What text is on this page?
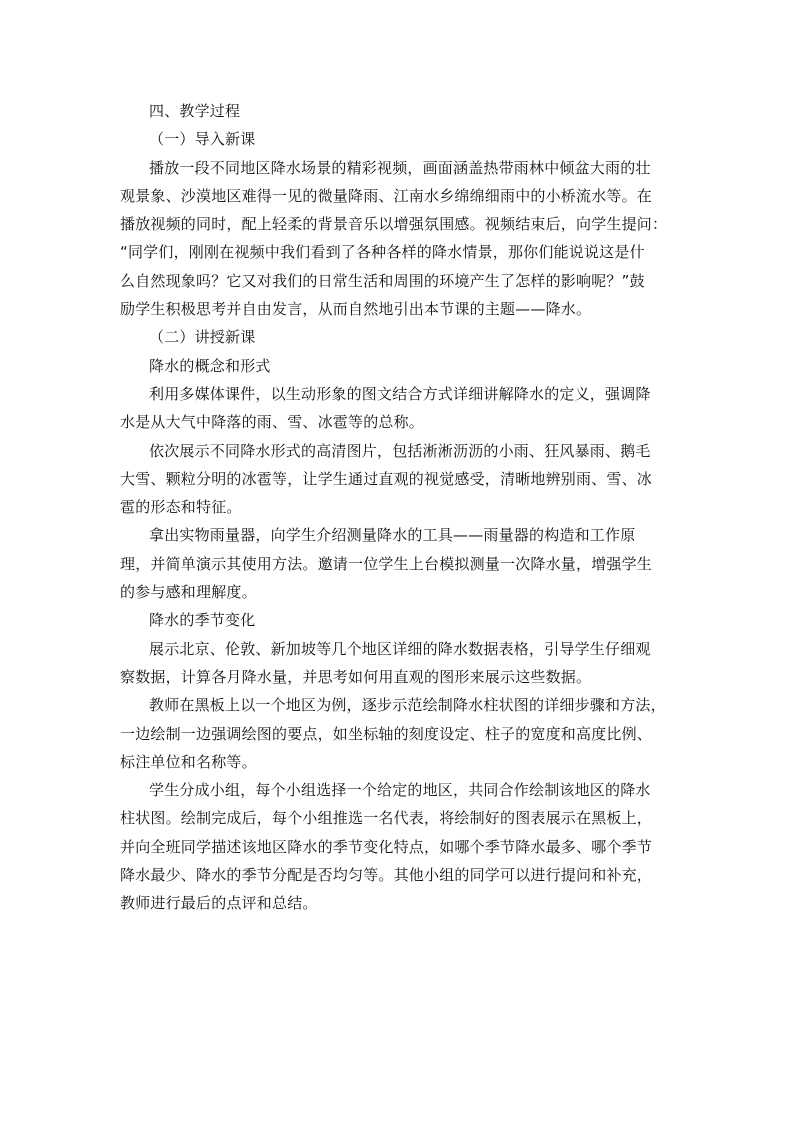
四、教学过程

（一）导入新课

播放一段不同地区降水场景的精彩视频，画面涵盖热带雨林中倾盆大雨的壮

观景象、沙漠地区难得一见的微量降雨、江南水乡绵绵细雨中的小桥流水等。在

播放视频的同时，配上轻柔的背景音乐以增强氛围感。视频结束后，向学生提问：

“同学们，刚刚在视频中我们看到了各种各样的降水情景，那你们能说说这是什

么自然现象吗？它又对我们的日常生活和周围的环境产生了怎样的影响呢？”鼓

励学生积极思考并自由发言，从而自然地引出本节课的主题——降水。

（二）讲授新课

降水的概念和形式

利用多媒体课件，以生动形象的图文结合方式详细讲解降水的定义，强调降

水是从大气中降落的雨、雪、冰雹等的总称。

依次展示不同降水形式的高清图片，包括淅淅沥沥的小雨、狂风暴雨、鹅毛

大雪、颗粒分明的冰雹等，让学生通过直观的视觉感受，清晰地辨别雨、雪、冰

雹的形态和特征。

拿出实物雨量器，向学生介绍测量降水的工具——雨量器的构造和工作原

理，并简单演示其使用方法。邀请一位学生上台模拟测量一次降水量，增强学生

的参与感和理解度。

降水的季节变化

展示北京、伦敦、新加坡等几个地区详细的降水数据表格，引导学生仔细观

察数据，计算各月降水量，并思考如何用直观的图形来展示这些数据。

教师在黑板上以一个地区为例，逐步示范绘制降水柱状图的详细步骤和方法，

一边绘制一边强调绘图的要点，如坐标轴的刻度设定、柱子的宽度和高度比例、

标注单位和名称等。

学生分成小组，每个小组选择一个给定的地区，共同合作绘制该地区的降水

柱状图。绘制完成后，每个小组推选一名代表，将绘制好的图表展示在黑板上，

并向全班同学描述该地区降水的季节变化特点，如哪个季节降水最多、哪个季节

降水最少、降水的季节分配是否均匀等。其他小组的同学可以进行提问和补充，

教师进行最后的点评和总结。
